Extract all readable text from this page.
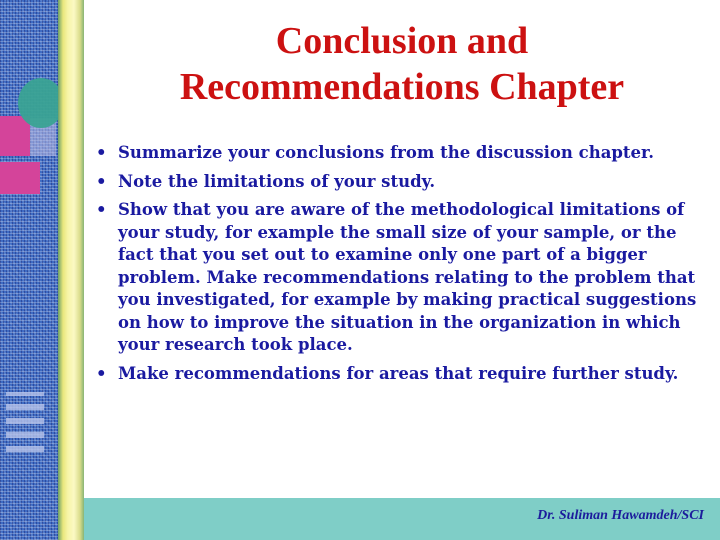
Conclusion and
Recommendations Chapter
• Summarize your conclusions from the discussion chapter.
• Note the limitations of your study.
• Show that you are aware of the methodological limitations of your study, for example the small size of your sample, or the fact that you set out to examine only one part of a bigger problem. Make recommendations relating to the problem that you investigated, for example by making practical suggestions on how to improve the situation in the organization in which your research took place.
• Make recommendations for areas that require further study.
Dr. Suliman Hawamdeh/SCI
